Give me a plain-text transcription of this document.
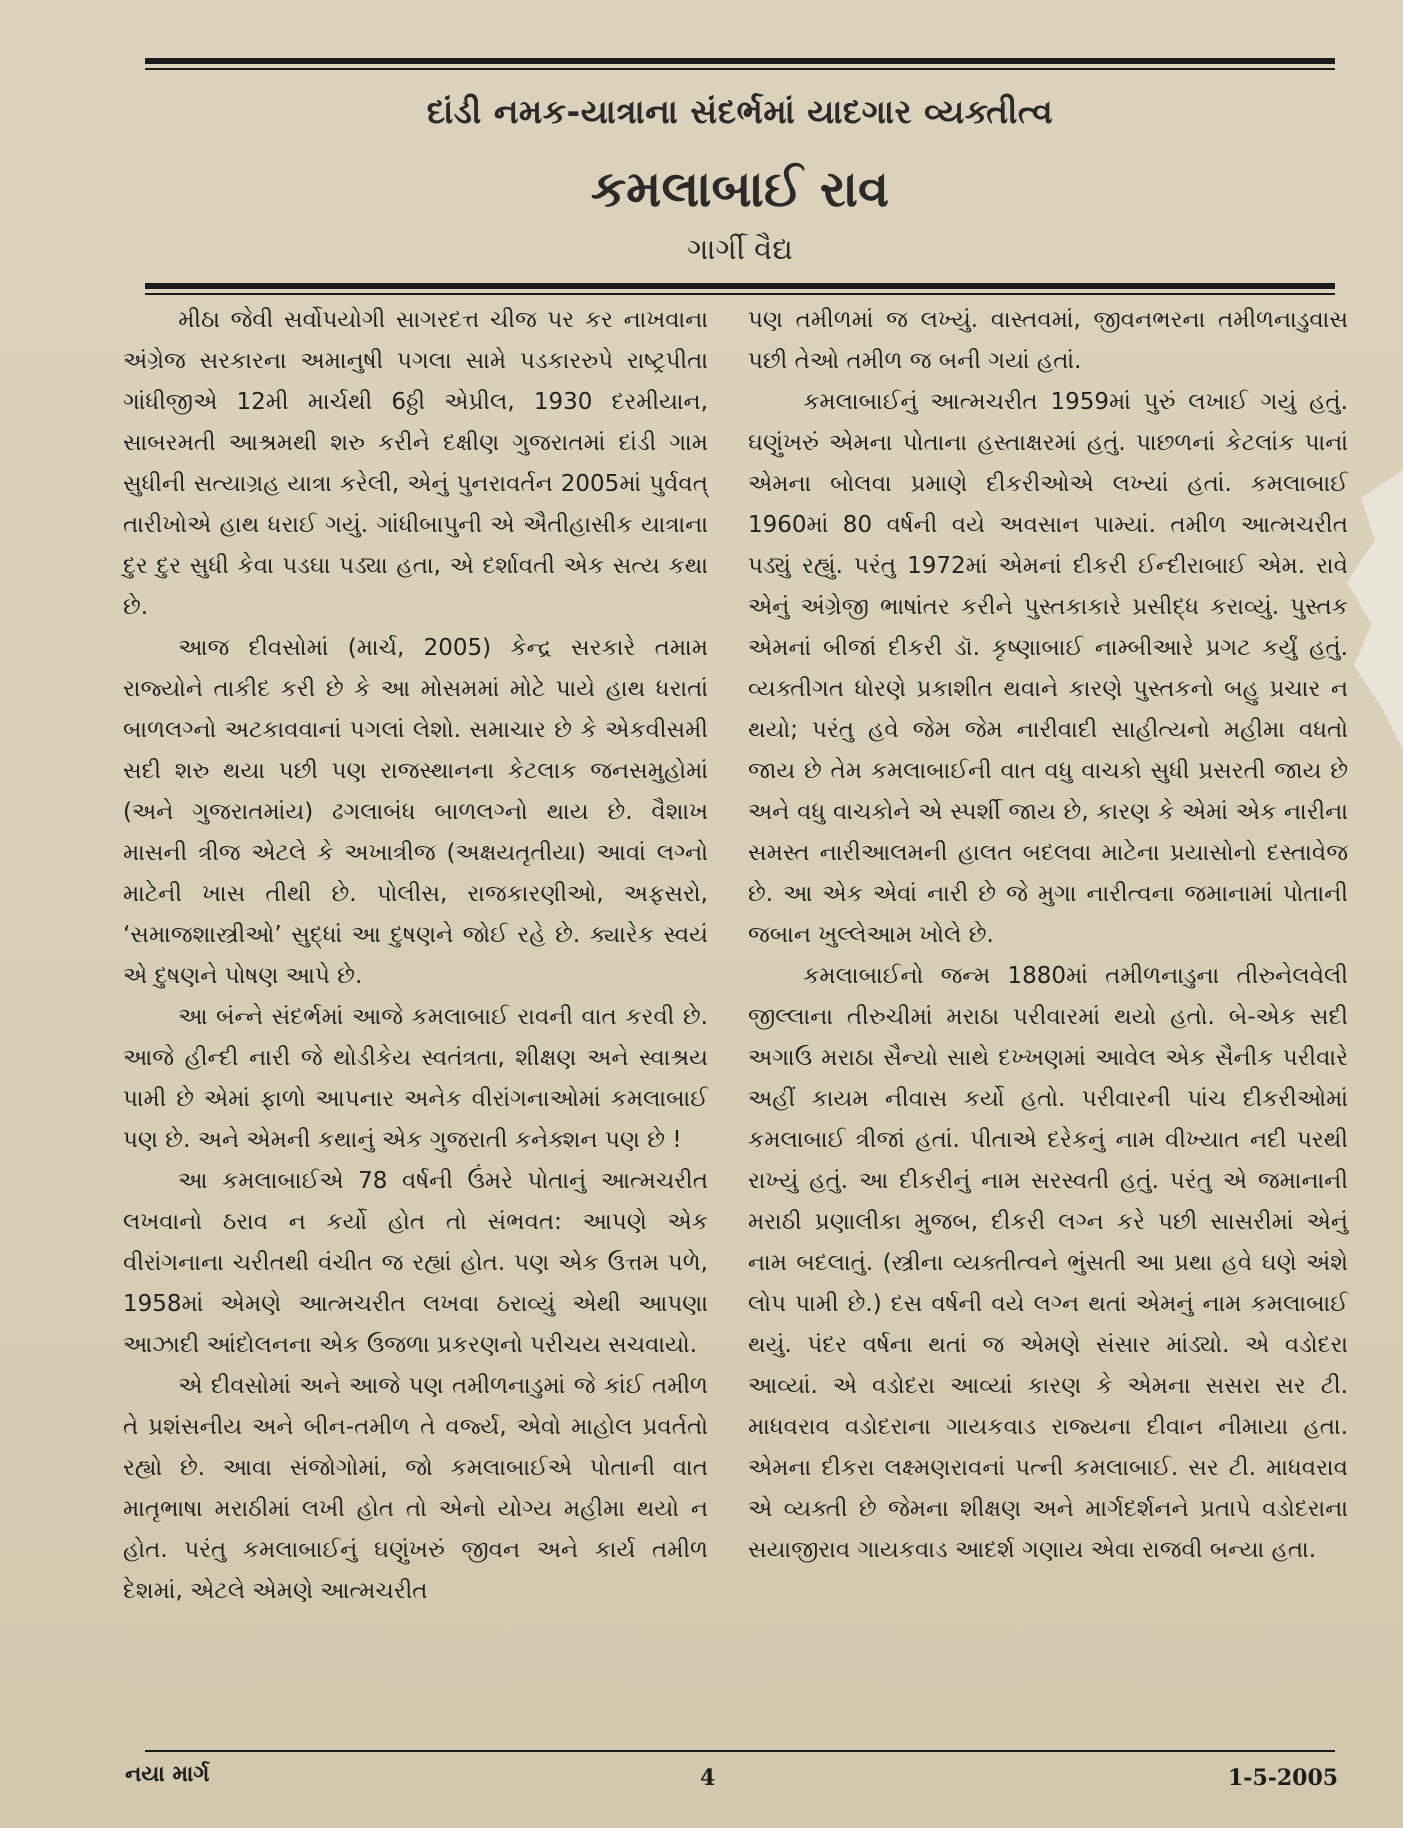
દાંડી નમક-યાત્રાના સંદર્ભમાં યાદગાર વ્યક્તીત્વ
કમલાબાઈ રાવ
ગાર્ગી વૈદ્ય

મીઠા જેવી સર્વોપયોગી સાગરદત્ત ચીજ પર કર નાખવાના અંગ્રેજ સરકારના અમાનુષી પગલા સામે પડકારરુપે રાષ્ટ્રપીતા ગાંધીજીએ 12મી માર્ચથી 6ઠ્ઠી એપ્રીલ, 1930 દરમીયાન, સાબરમતી આશ્રમથી શરુ કરીને દક્ષીણ ગુજરાતમાં દાંડી ગામ સુધીની સત્યાગ્રહ યાત્રા કરેલી, એનું પુનરાવર્તન 2005માં પુર્વવત્ તારીખોએ હાથ ધરાઈ ગયું. ગાંધીબાપુની એ ઐતીહાસીક યાત્રાના દુર દુર સુધી કેવા પડઘા પડ્યા હતા, એ દર્શાવતી એક સત્ય કથા છે.

આજ દીવસોમાં (માર્ચ, 2005) કેન્દ્ર સરકારે તમામ રાજ્યોને તાકીદ કરી છે કે આ મોસમમાં મોટે પાયે હાથ ધરાતાં બાળલગ્નો અટકાવવાનાં પગલાં લેશો. સમાચાર છે કે એકવીસમી સદી શરુ થયા પછી પણ રાજસ્થાનના કેટલાક જનસમુહોમાં (અને ગુજરાતમાંય) ઢગલાબંધ બાળલગ્નો થાય છે. વૈશાખ માસની ત્રીજ એટલે કે અખાત્રીજ (અક્ષયતૃતીયા) આવાં લગ્નો માટેની ખાસ તીથી છે. પોલીસ, રાજકારણીઓ, અફસરો, ‘સમાજશાસ્ત્રીઓ’ સુદ્ધાં આ દુષણને જોઈ રહે છે. ક્યારેક સ્વયં એ દુષણને પોષણ આપે છે.

આ બંન્ને સંદર્ભમાં આજે કમલાબાઈ રાવની વાત કરવી છે. આજે હીન્દી નારી જે થોડીકેય સ્વતંત્રતા, શીક્ષણ અને સ્વાશ્રય પામી છે એમાં ફાળો આપનાર અનેક વીરાંગનાઓમાં કમલાબાઈ પણ છે. અને એમની કથાનું એક ગુજરાતી કનેક્શન પણ છે !

આ કમલાબાઈએ 78 વર્ષની ઉંમરે પોતાનું આત્મચરીત લખવાનો ઠરાવ ન કર્યો હોત તો સંભવત: આપણે એક વીરાંગનાના ચરીતથી વંચીત જ રહ્યાં હોત. પણ એક ઉત્તમ પળે, 1958માં એમણે આત્મચરીત લખવા ઠરાવ્યું એથી આપણા આઝાદી આંદોલનના એક ઉજળા પ્રકરણનો પરીચય સચવાયો.

એ દીવસોમાં અને આજે પણ તમીળનાડુમાં જે કાંઈ તમીળ તે પ્રશંસનીય અને બીન-તમીળ તે વર્જ્ય, એવો માહોલ પ્રવર્તતો રહ્યો છે. આવા સંજોગોમાં, જો કમલાબાઈએ પોતાની વાત માતૃભાષા મરાઠીમાં લખી હોત તો એનો યોગ્ય મહીમા થયો ન હોત. પરંતુ કમલાબાઈનું ઘણુંખરું જીવન અને કાર્ય તમીળ દેશમાં, એટલે એમણે આત્મચરીત

પણ તમીળમાં જ લખ્યું. વાસ્તવમાં, જીવનભરના તમીળનાડુવાસ પછી તેઓ તમીળ જ બની ગયાં હતાં.

કમલાબાઈનું આત્મચરીત 1959માં પુરું લખાઈ ગયું હતું. ઘણુંખરું એમના પોતાના હસ્તાક્ષરમાં હતું. પાછળનાં કેટલાંક પાનાં એમના બોલવા પ્રમાણે દીકરીઓએ લખ્યાં હતાં. કમલાબાઈ 1960માં 80 વર્ષની વયે અવસાન પામ્યાં. તમીળ આત્મચરીત પડ્યું રહ્યું. પરંતુ 1972માં એમનાં દીકરી ઈન્દીરાબાઈ એમ. રાવે એનું અંગ્રેજી ભાષાંતર કરીને પુસ્તકાકારે પ્રસીદ્ધ કરાવ્યું. પુસ્તક એમનાં બીજાં દીકરી ડૉ. કૃષ્ણાબાઈ નામ્બીઆરે પ્રગટ કર્યું હતું. વ્યક્તીગત ધોરણે પ્રકાશીત થવાને કારણે પુસ્તકનો બહુ પ્રચાર ન થયો; પરંતુ હવે જેમ જેમ નારીવાદી સાહીત્યનો મહીમા વધતો જાય છે તેમ કમલાબાઈની વાત વધુ વાચકો સુધી પ્રસરતી જાય છે અને વધુ વાચકોને એ સ્પર્શી જાય છે, કારણ કે એમાં એક નારીના સમસ્ત નારીઆલમની હાલત બદલવા માટેના પ્રયાસોનો દસ્તાવેજ છે. આ એક એવાં નારી છે જે મુગા નારીત્વના જમાનામાં પોતાની જબાન ખુલ્લેઆમ ખોલે છે.

કમલાબાઈનો જન્મ 1880માં તમીળનાડુના તીરુનેલવેલી જીલ્લાના તીરુચીમાં મરાઠા પરીવારમાં થયો હતો. બે-એક સદી અગાઉ મરાઠા સૈન્યો સાથે દખ્ખણમાં આવેલ એક સૈનીક પરીવારે અહીં કાયમ નીવાસ કર્યો હતો. પરીવારની પાંચ દીકરીઓમાં કમલાબાઈ ત્રીજાં હતાં. પીતાએ દરેકનું નામ વીખ્યાત નદી પરથી રાખ્યું હતું. આ દીકરીનું નામ સરસ્વતી હતું. પરંતુ એ જમાનાની મરાઠી પ્રણાલીકા મુજબ, દીકરી લગ્ન કરે પછી સાસરીમાં એનું નામ બદલાતું. (સ્ત્રીના વ્યક્તીત્વને ભુંસતી આ પ્રથા હવે ઘણે અંશે લોપ પામી છે.) દસ વર્ષની વયે લગ્ન થતાં એમનું નામ કમલાબાઈ થયું. પંદર વર્ષના થતાં જ એમણે સંસાર માંડ્યો. એ વડોદરા આવ્યાં. એ વડોદરા આવ્યાં કારણ કે એમના સસરા સર ટી. માધવરાવ વડોદરાના ગાયકવાડ રાજ્યના દીવાન નીમાયા હતા. એમના દીકરા લક્ષ્મણરાવનાં પત્ની કમલાબાઈ. સર ટી. માધવરાવ એ વ્યક્તી છે જેમના શીક્ષણ અને માર્ગદર્શનને પ્રતાપે વડોદરાના સયાજીરાવ ગાયકવાડ આદર્શ ગણાય એવા રાજવી બન્યા હતા.

નયા માર્ગ	4	1-5-2005
